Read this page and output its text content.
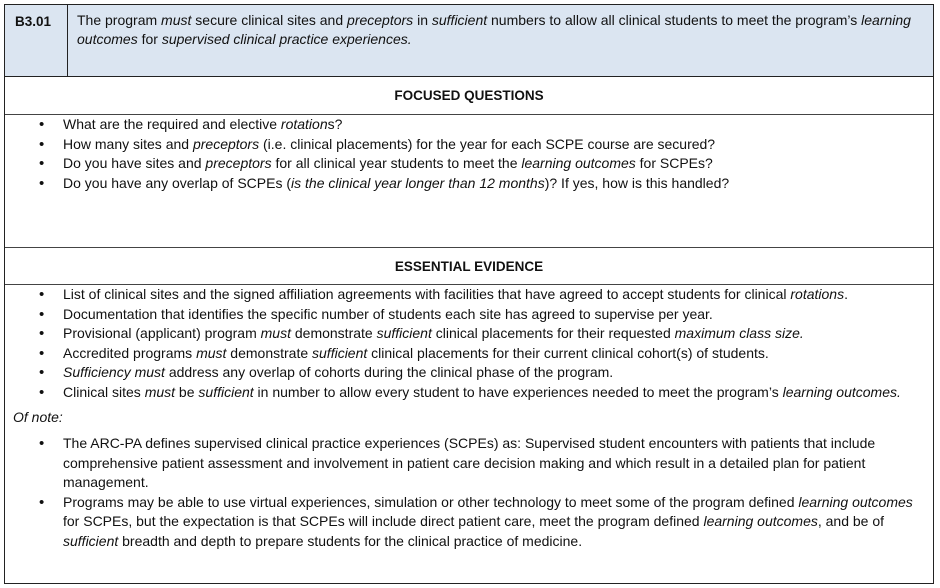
B3.01	The program must secure clinical sites and preceptors in sufficient numbers to allow all clinical students to meet the program’s learning outcomes for supervised clinical practice experiences.
FOCUSED QUESTIONS
• What are the required and elective rotations?
• How many sites and preceptors (i.e. clinical placements) for the year for each SCPE course are secured?
• Do you have sites and preceptors for all clinical year students to meet the learning outcomes for SCPEs?
• Do you have any overlap of SCPEs (is the clinical year longer than 12 months)? If yes, how is this handled?
ESSENTIAL EVIDENCE
• List of clinical sites and the signed affiliation agreements with facilities that have agreed to accept students for clinical rotations.
• Documentation that identifies the specific number of students each site has agreed to supervise per year.
• Provisional (applicant) program must demonstrate sufficient clinical placements for their requested maximum class size.
• Accredited programs must demonstrate sufficient clinical placements for their current clinical cohort(s) of students.
• Sufficiency must address any overlap of cohorts during the clinical phase of the program.
• Clinical sites must be sufficient in number to allow every student to have experiences needed to meet the program’s learning outcomes.
Of note:
• The ARC-PA defines supervised clinical practice experiences (SCPEs) as: Supervised student encounters with patients that include comprehensive patient assessment and involvement in patient care decision making and which result in a detailed plan for patient management.
• Programs may be able to use virtual experiences, simulation or other technology to meet some of the program defined learning outcomes for SCPEs, but the expectation is that SCPEs will include direct patient care, meet the program defined learning outcomes, and be of sufficient breadth and depth to prepare students for the clinical practice of medicine.
